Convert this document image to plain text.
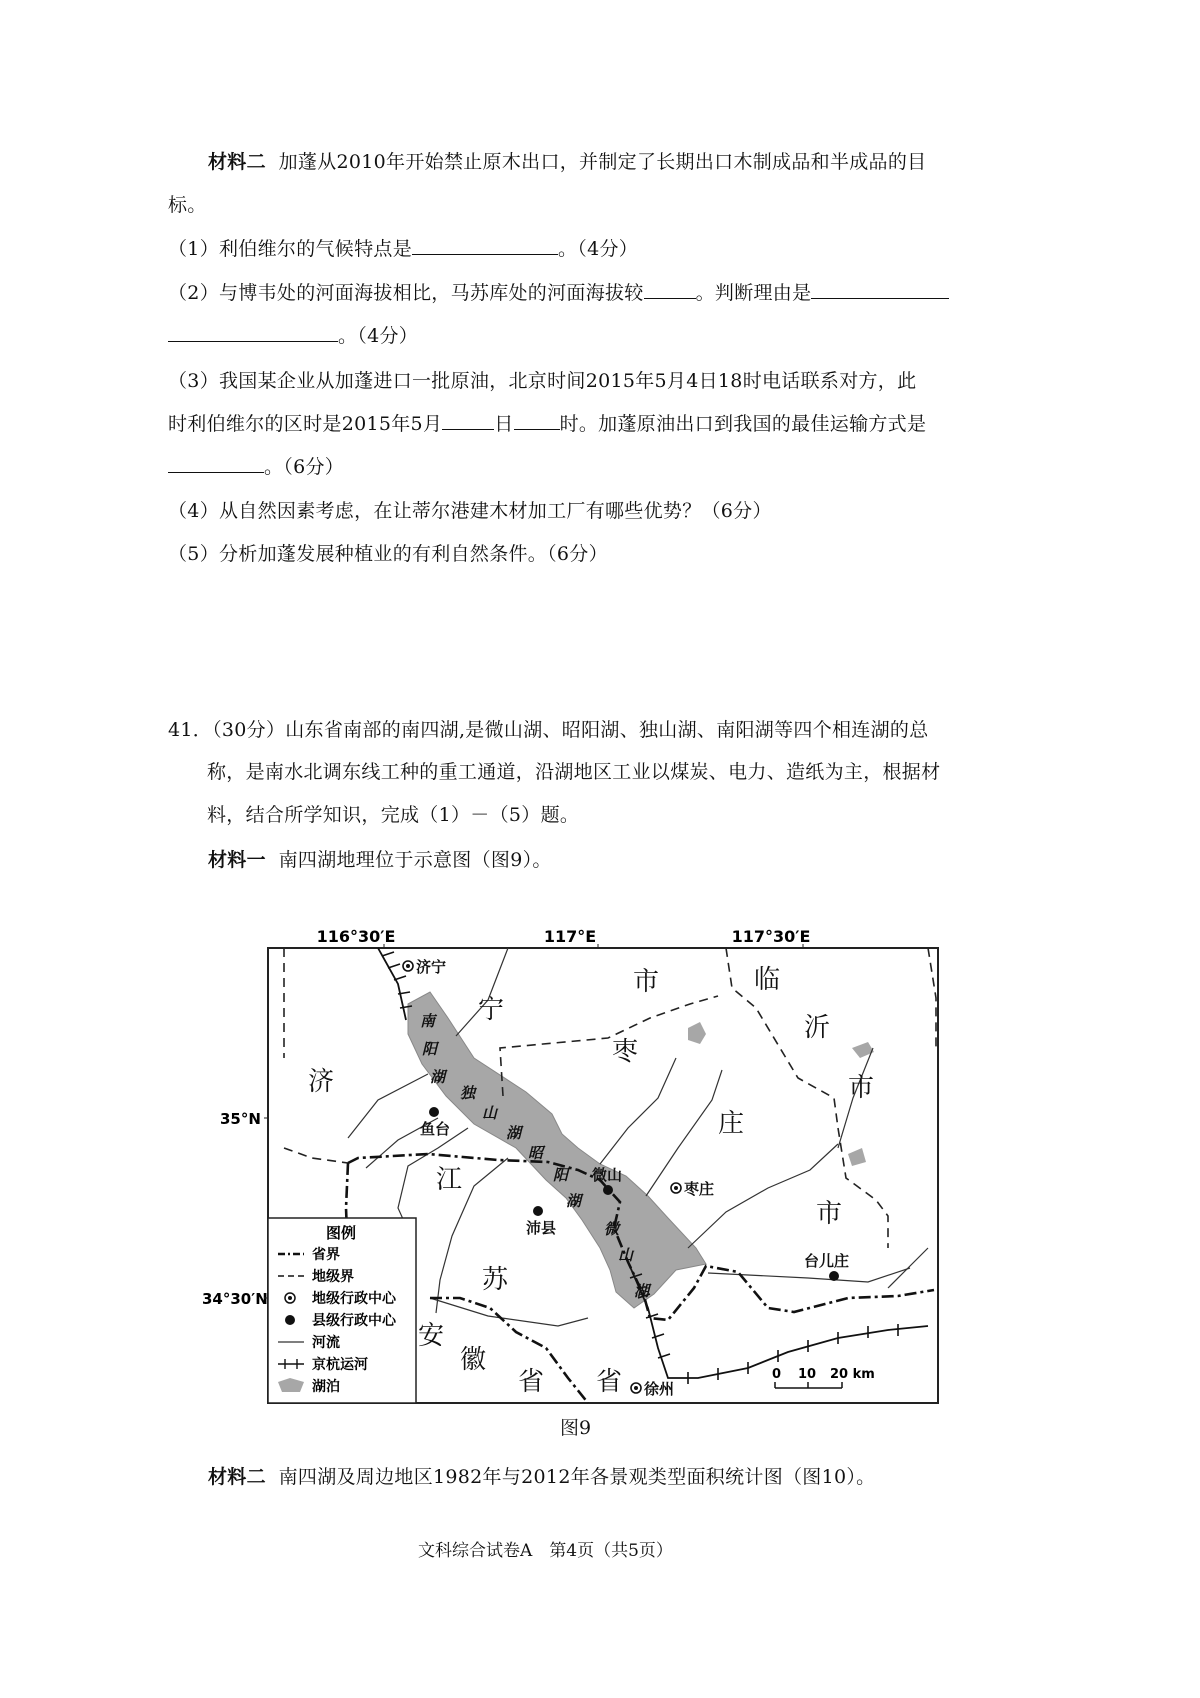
材料二 加蓬从2010年开始禁止原木出口，并制定了长期出口木制成品和半成品的目
标。
（1）利伯维尔的气候特点是	。（4分）
（2）与博韦处的河面海拔相比，马苏库处的河面海拔较	。判断理由是
。（4分）
（3）我国某企业从加蓬进口一批原油，北京时间2015年5月4日18时电话联系对方，此
时利伯维尔的区时是2015年5月	日 时。加蓬原油出口到我国的最佳运输方式是
。（6分）
（4）从自然因素考虑，在让蒂尔港建木材加工厂有哪些优势？（6分）
（5）分析加蓬发展种植业的有利自然条件。（6分）
41．（30分）山东省南部的南四湖,是微山湖、昭阳湖、独山湖、南阳湖等四个相连湖的总
称，是南水北调东线工种的重工通道，沿湖地区工业以煤炭、电力、造纸为主，根据材
料，结合所学知识，完成（1）－（5）题。
材料一 南四湖地理位于示意图（图9）。
116°30′E	117°E	117°30′E
35°N
34°30′N
济
宁
市	临
沂
市
枣
庄
市
江
苏
安
徽
省 省
南
阳
湖
独
山
湖
昭
阳
湖
微
山
湖
济宁
鱼台
微山
枣庄
沛县
台儿庄
徐州
图例
省界
地级界
地级行政中心
县级行政中心
河流
京杭运河
湖泊
0 10 20 km
图9
材料二 南四湖及周边地区1982年与2012年各景观类型面积统计图（图10）。
文科综合试卷A　第4页（共5页）
